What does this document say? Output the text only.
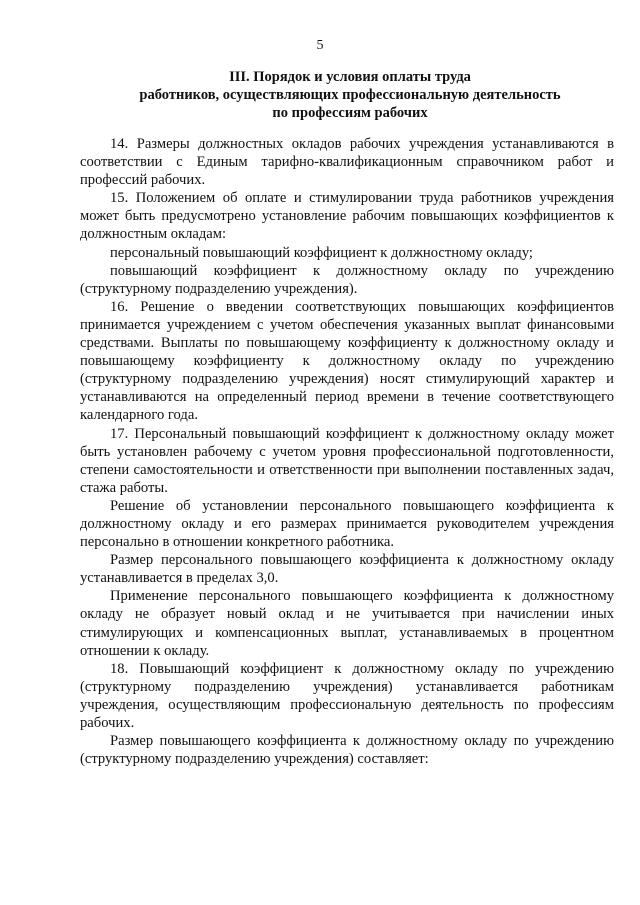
5
III. Порядок и условия оплаты труда
работников, осуществляющих профессиональную деятельность
по профессиям рабочих

14. Размеры должностных окладов рабочих учреждения устанавливаются в соответствии с Единым тарифно-квалификационным справочником работ и профессий рабочих.

15. Положением об оплате и стимулировании труда работников учреждения может быть предусмотрено установление рабочим повышающих коэффициентов к должностным окладам:

персональный повышающий коэффициент к должностному окладу;

повышающий коэффициент к должностному окладу по учреждению (структурному подразделению учреждения).

16. Решение о введении соответствующих повышающих коэффициентов принимается учреждением с учетом обеспечения указанных выплат финансовыми средствами. Выплаты по повышающему коэффициенту к должностному окладу и повышающему коэффициенту к должностному окладу по учреждению (структурному подразделению учреждения) носят стимулирующий характер и устанавливаются на определенный период времени в течение соответствующего календарного года.

17. Персональный повышающий коэффициент к должностному окладу может быть установлен рабочему с учетом уровня профессиональной подготовленности, степени самостоятельности и ответственности при выполнении поставленных задач, стажа работы.

Решение об установлении персонального повышающего коэффициента к должностному окладу и его размерах принимается руководителем учреждения персонально в отношении конкретного работника.

Размер персонального повышающего коэффициента к должностному окладу устанавливается в пределах 3,0.

Применение персонального повышающего коэффициента к должностному окладу не образует новый оклад и не учитывается при начислении иных стимулирующих и компенсационных выплат, устанавливаемых в процентном отношении к окладу.

18. Повышающий коэффициент к должностному окладу по учреждению (структурному подразделению учреждения) устанавливается работникам учреждения, осуществляющим профессиональную деятельность по профессиям рабочих.

Размер повышающего коэффициента к должностному окладу по учреждению (структурному подразделению учреждения) составляет:
